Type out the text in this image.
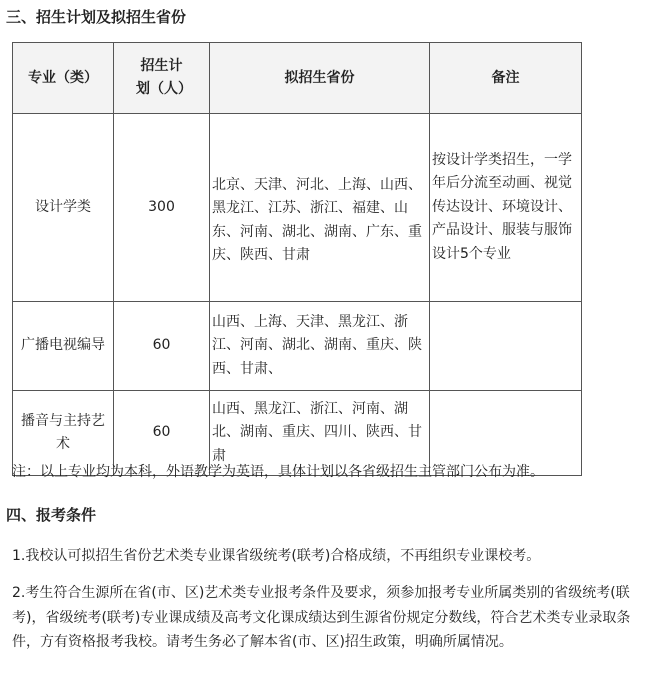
三、招生计划及拟招生省份
专业（类）	招生计划（人）	拟招生省份	备注
设计学类	300	北京、天津、河北、上海、山西、黑龙江、江苏、浙江、福建、山东、河南、湖北、湖南、广东、重庆、陕西、甘肃	按设计学类招生，一学年后分流至动画、视觉传达设计、环境设计、产品设计、服装与服饰设计5个专业
广播电视编导	60	山西、上海、天津、黑龙江、浙江、河南、湖北、湖南、重庆、陕西、甘肃、	
播音与主持艺术	60	山西、黑龙江、浙江、河南、湖北、湖南、重庆、四川、陕西、甘肃	
注：以上专业均为本科，外语教学为英语，具体计划以各省级招生主管部门公布为准。
四、报考条件
1.我校认可拟招生省份艺术类专业课省级统考(联考)合格成绩，不再组织专业课校考。
2.考生符合生源所在省(市、区)艺术类专业报考条件及要求，须参加报考专业所属类别的省级统考(联考)，省级统考(联考)专业课成绩及高考文化课成绩达到生源省份规定分数线，符合艺术类专业录取条件，方有资格报考我校。请考生务必了解本省(市、区)招生政策，明确所属情况。
